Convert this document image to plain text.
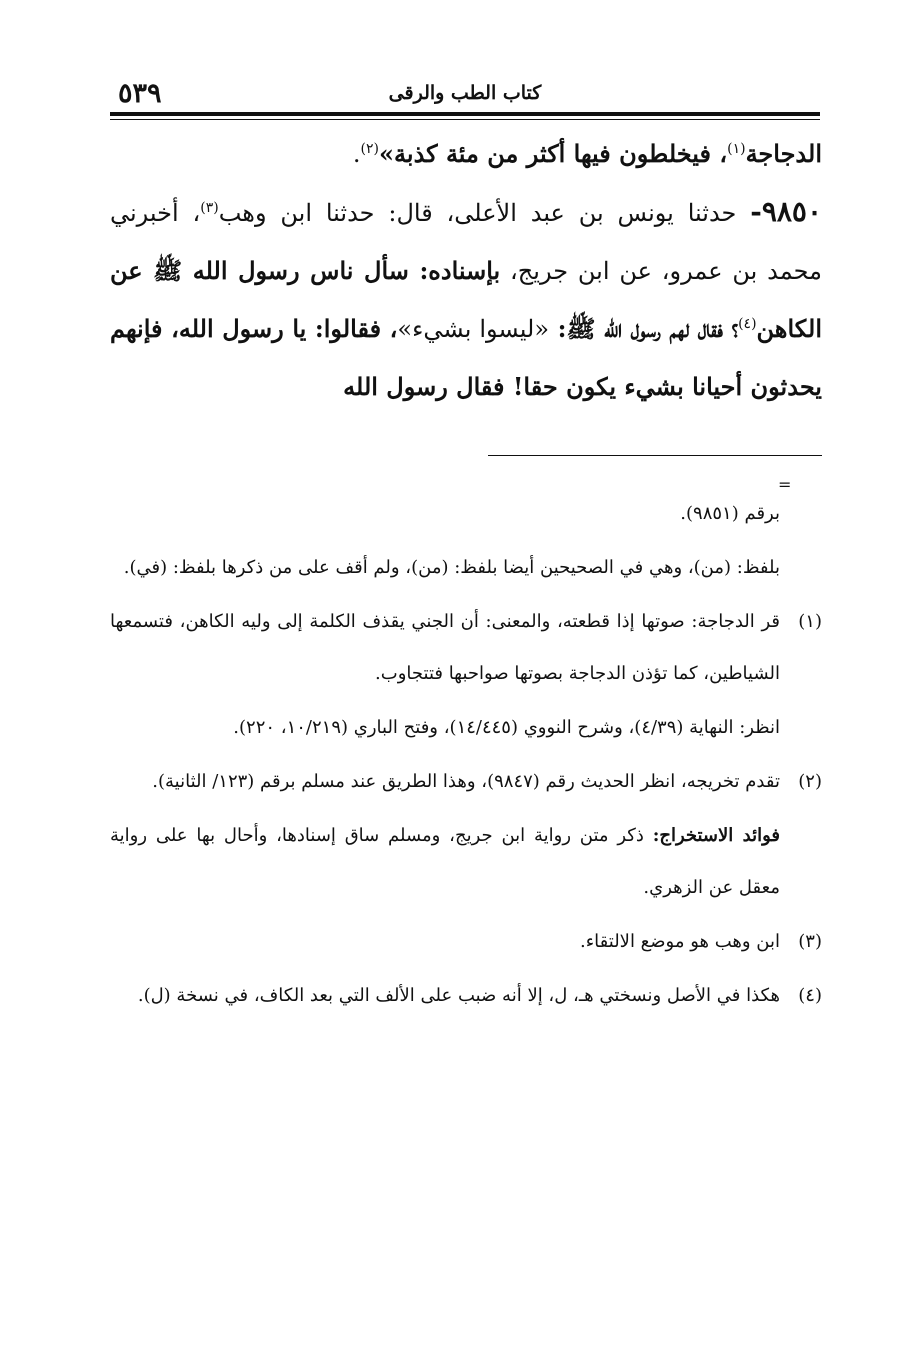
٥٣٩	كتاب الطب والرقى

الدجاجة$^{(١)}$، فيخلطون فيها أكثر من مئة كذبة»$^{(٢)}$.

٩٨٥٠- حدثنا يونس بن عبد الأعلى، قال: حدثنا ابن وهب$^{(٣)}$، أخبرني محمد بن عمرو، عن ابن جريج، بإسناده: سأل ناس رسول الله ﷺ عن الكاهن$^{(٤)}$؟ فقال لهم رسول الله ﷺ: «ليسوا بشيء»، فقالوا: يا رسول الله، فإنهم يحدثون أحيانا بشيء يكون حقا! فقال رسول الله

=

برقم (٩٨٥١).

بلفظ: (من)، وهي في الصحيحين أيضا بلفظ: (من)، ولم أقف على من ذكرها بلفظ: (في).

(١)قر الدجاجة: صوتها إذا قطعته، والمعنى: أن الجني يقذف الكلمة إلى وليه الكاهن، فتسمعها الشياطين، كما تؤذن الدجاجة بصوتها صواحبها فتتجاوب.

انظر: النهاية (٤/٣٩)، وشرح النووي (١٤/٤٤٥)، وفتح الباري (١٠/٢١٩، ٢٢٠).

(٢)تقدم تخريجه، انظر الحديث رقم (٩٨٤٧)، وهذا الطريق عند مسلم برقم (١٢٣/ الثانية).

فوائد الاستخراج: ذكر متن رواية ابن جريج، ومسلم ساق إسنادها، وأحال بها على رواية معقل عن الزهري.

(٣)ابن وهب هو موضع الالتقاء.

(٤)هكذا في الأصل ونسختي هـ، ل، إلا أنه ضبب على الألف التي بعد الكاف، في نسخة (ل).
